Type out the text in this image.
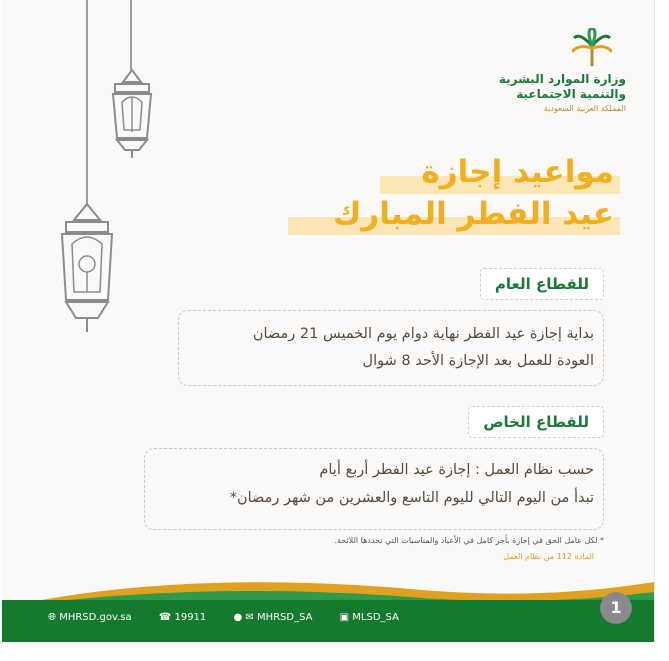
وزارة الموارد البشرية
والتنمية الاجتماعية
المملكة العربية السعودية
مواعيد إجازة
عيد الفطر المبارك
للقطاع العام
بداية إجازة عيد الفطر نهاية دوام يوم الخميس 21 رمضان
العودة للعمل بعد الإجازة الأحد 8 شوال
للقطاع الخاص
حسب نظام العمل : إجازة عيد الفطر أربع أيام
تبدأ من اليوم التالي لليوم التاسع والعشرين من شهر رمضان*
* لكل عامل الحق في إجازة بأجر كامل في الأعياد والمناسبات التي تحددها اللائحة.
المادة 112 من نظام العمل
🌐︎ MHRSD.gov.sa	☎ 19911	● ✉ MHRSD_SA	▣ MLSD_SA
1
